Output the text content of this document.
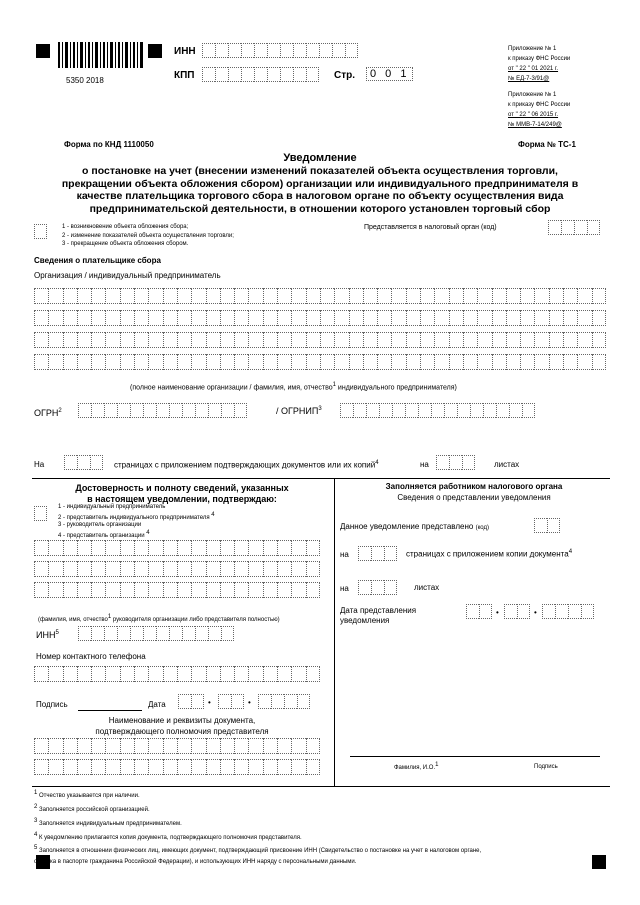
5350 2018
ИНН
КПП	Стр.	0 0 1
Приложение № 1
к приказу ФНС России
от " 22 " 01 2021 г.
№ ЕД-7-3/91@
Приложение № 1
к приказу ФНС России
от " 22 " 06 2015 г.
№ ММВ-7-14/249@
Форма по КНД 1110050	Форма № ТС-1
Уведомление
о постановке на учет (внесении изменений показателей объекта осуществления торговли,
прекращении объекта обложения сбором) организации или индивидуального предпринимателя в
качестве плательщика торгового сбора в налоговом органе по объекту осуществления вида
предпринимательской деятельности, в отношении которого установлен торговый сбор
1 - возникновение объекта обложения сбора;
2 - изменение показателей объекта осуществления торговли;
3 - прекращение объекта обложения сбором.
Представляется в налоговый орган (код)
Сведения о плательщике сбора
Организация / индивидуальный предприниматель
(полное наименование организации / фамилия, имя, отчество$^1$ индивидуального предпринимателя)
ОГРН$^2$	/ ОГРНИП$^3$
На	страницах с приложением подтверждающих документов или их копий$^4$	на	листах
Достоверность и полноту сведений, указанных
в настоящем уведомлении, подтверждаю:
1 - индивидуальный предприниматель
2 - представитель индивидуального предпринимателя $^4$
3 - руководитель организации
4 - представитель организации $^4$
(фамилия, имя, отчество$^1$ руководителя организации либо представителя полностью)
ИНН$^5$
Номер контактного телефона
Подпись	Дата	•	•
Наименование и реквизиты документа,
подтверждающего полномочия представителя
Заполняется работником налогового органа
Сведения о представлении уведомления
Данное уведомление представлено (код)
на	страницах с приложением копии документа$^4$
на	листах
Дата представления
уведомления
•	•
Фамилия, И.О.$^1$	Подпись
$^1$ Отчество указывается при наличии.
$^2$ Заполняется российской организацией.
$^3$ Заполняется индивидуальным предпринимателем.
$^4$ К уведомлению прилагается копия документа, подтверждающего полномочия представителя.
$^5$ Заполняется в отношении физических лиц, имеющих документ, подтверждающий присвоение ИНН (Свидетельство о постановке на учет в налоговом органе,
отметка в паспорте гражданина Российской Федерации), и использующих ИНН наряду с персональными данными.
